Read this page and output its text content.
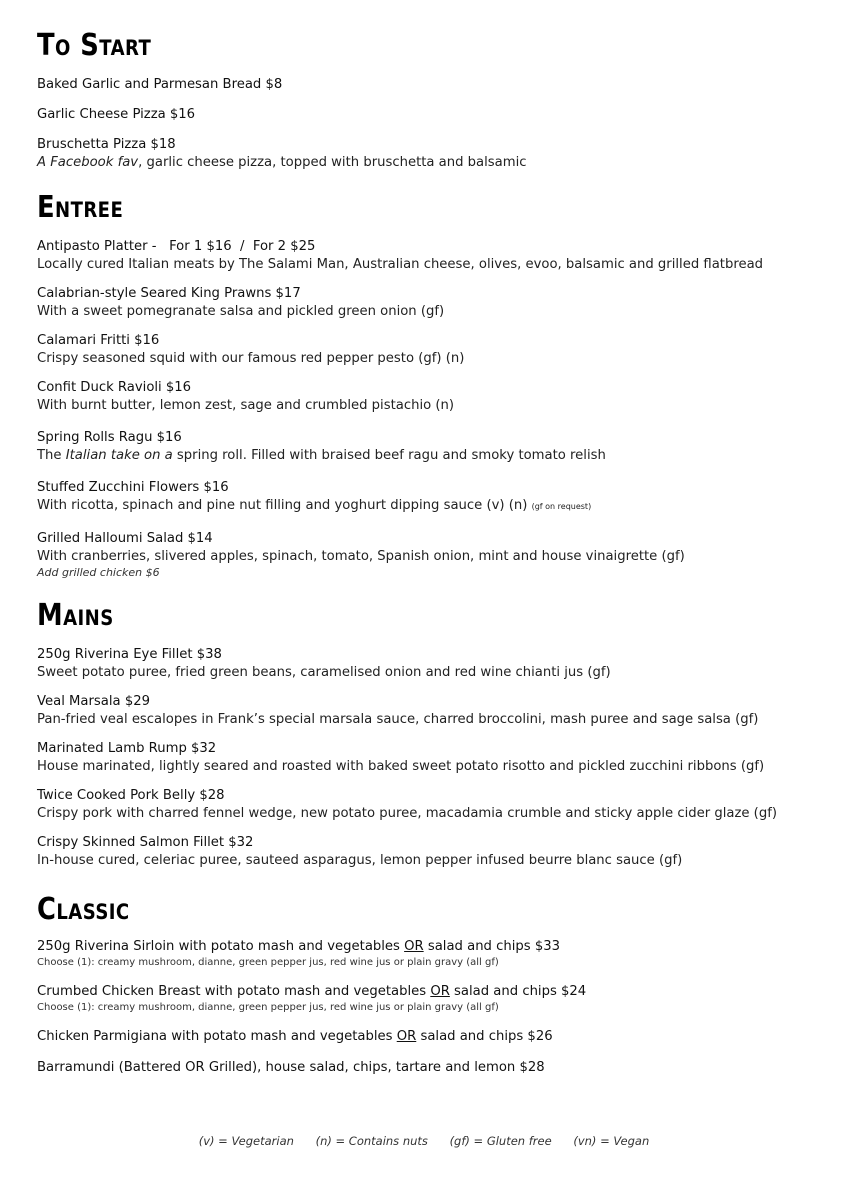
To Start
Baked Garlic and Parmesan Bread $8
Garlic Cheese Pizza $16
Bruschetta Pizza $18
A Facebook fav, garlic cheese pizza, topped with bruschetta and balsamic
Entree
Antipasto Platter -   For 1 $16  /  For 2 $25
Locally cured Italian meats by The Salami Man, Australian cheese, olives, evoo, balsamic and grilled flatbread
Calabrian-style Seared King Prawns $17
With a sweet pomegranate salsa and pickled green onion (gf)
Calamari Fritti $16
Crispy seasoned squid with our famous red pepper pesto (gf) (n)
Confit Duck Ravioli $16
With burnt butter, lemon zest, sage and crumbled pistachio (n)
Spring Rolls Ragu $16
The Italian take on a spring roll. Filled with braised beef ragu and smoky tomato relish
Stuffed Zucchini Flowers $16
With ricotta, spinach and pine nut filling and yoghurt dipping sauce (v) (n) (gf on request)
Grilled Halloumi Salad $14
With cranberries, slivered apples, spinach, tomato, Spanish onion, mint and house vinaigrette (gf)
Add grilled chicken $6
Mains
250g Riverina Eye Fillet $38
Sweet potato puree, fried green beans, caramelised onion and red wine chianti jus (gf)
Veal Marsala $29
Pan-fried veal escalopes in Frank’s special marsala sauce, charred broccolini, mash puree and sage salsa (gf)
Marinated Lamb Rump $32
House marinated, lightly seared and roasted with baked sweet potato risotto and pickled zucchini ribbons (gf)
Twice Cooked Pork Belly $28
Crispy pork with charred fennel wedge, new potato puree, macadamia crumble and sticky apple cider glaze (gf)
Crispy Skinned Salmon Fillet $32
In-house cured, celeriac puree, sauteed asparagus, lemon pepper infused beurre blanc sauce (gf)
Classic
250g Riverina Sirloin with potato mash and vegetables OR salad and chips $33
Choose (1): creamy mushroom, dianne, green pepper jus, red wine jus or plain gravy (all gf)
Crumbed Chicken Breast with potato mash and vegetables OR salad and chips $24
Choose (1): creamy mushroom, dianne, green pepper jus, red wine jus or plain gravy (all gf)
Chicken Parmigiana with potato mash and vegetables OR salad and chips $26
Barramundi (Battered OR Grilled), house salad, chips, tartare and lemon $28
(v) = Vegetarian (n) = Contains nuts (gf) = Gluten free (vn) = Vegan
